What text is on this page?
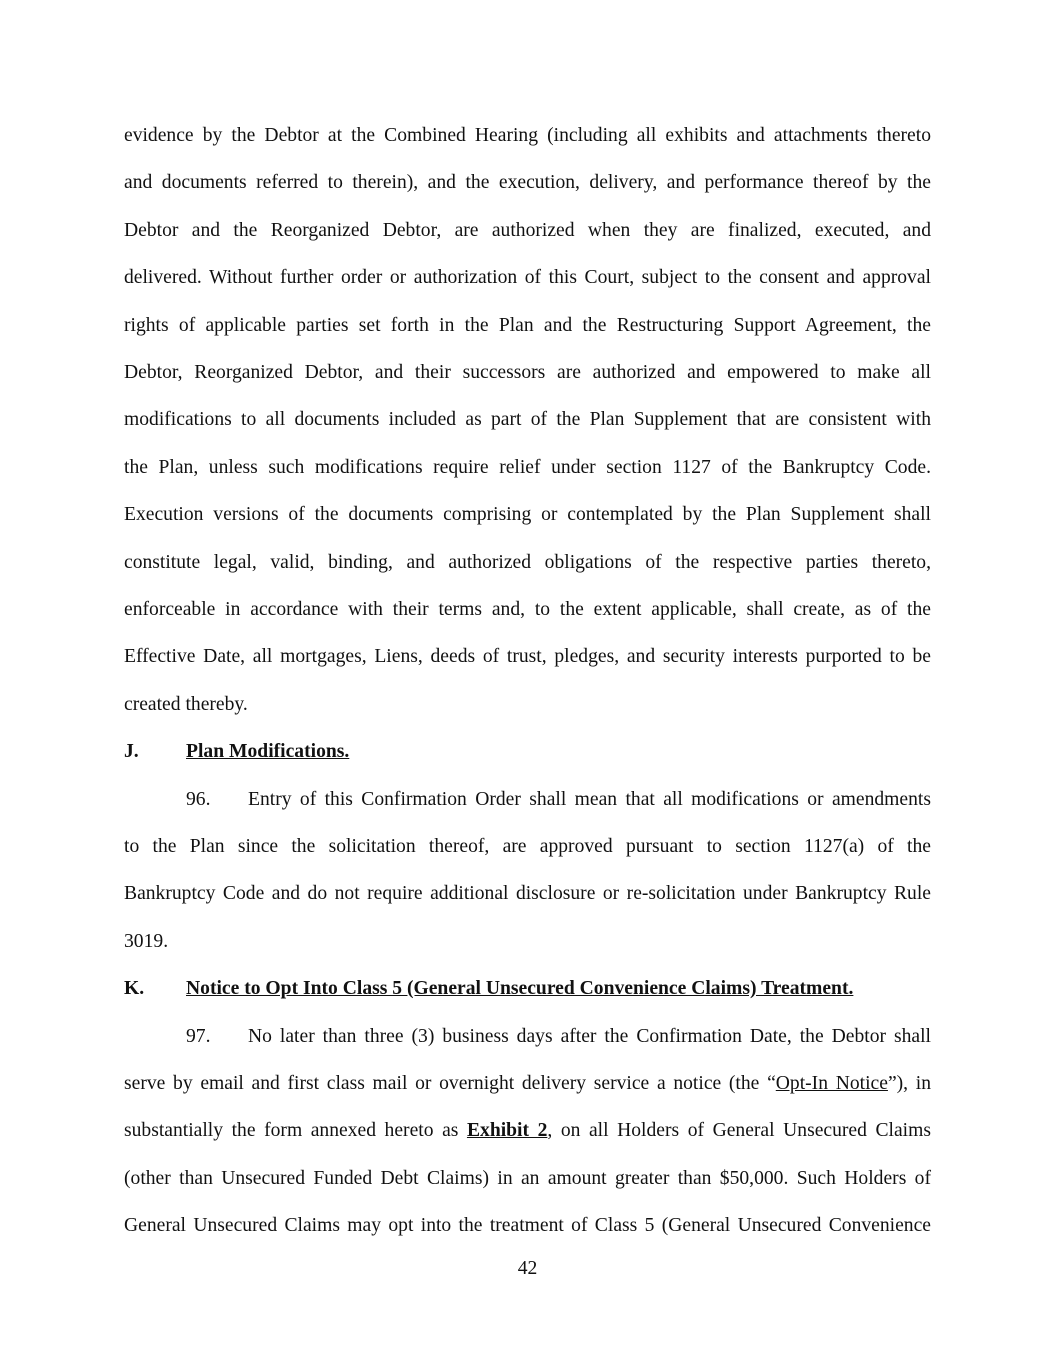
evidence by the Debtor at the Combined Hearing (including all exhibits and attachments thereto
and documents referred to therein), and the execution, delivery, and performance thereof by the
Debtor and the Reorganized Debtor, are authorized when they are finalized, executed, and
delivered. Without further order or authorization of this Court, subject to the consent and approval
rights of applicable parties set forth in the Plan and the Restructuring Support Agreement, the
Debtor, Reorganized Debtor, and their successors are authorized and empowered to make all
modifications to all documents included as part of the Plan Supplement that are consistent with
the Plan, unless such modifications require relief under section 1127 of the Bankruptcy Code.
Execution versions of the documents comprising or contemplated by the Plan Supplement shall
constitute legal, valid, binding, and authorized obligations of the respective parties thereto,
enforceable in accordance with their terms and, to the extent applicable, shall create, as of the
Effective Date, all mortgages, Liens, deeds of trust, pledges, and security interests purported to be
created thereby.
J. Plan Modifications.
96. Entry of this Confirmation Order shall mean that all modifications or amendments
to the Plan since the solicitation thereof, are approved pursuant to section 1127(a) of the
Bankruptcy Code and do not require additional disclosure or re-solicitation under Bankruptcy Rule
3019.
K. Notice to Opt Into Class 5 (General Unsecured Convenience Claims) Treatment.
97. No later than three (3) business days after the Confirmation Date, the Debtor shall
serve by email and first class mail or overnight delivery service a notice (the “Opt-In Notice”), in
substantially the form annexed hereto as Exhibit 2, on all Holders of General Unsecured Claims
(other than Unsecured Funded Debt Claims) in an amount greater than $50,000. Such Holders of
General Unsecured Claims may opt into the treatment of Class 5 (General Unsecured Convenience
42
